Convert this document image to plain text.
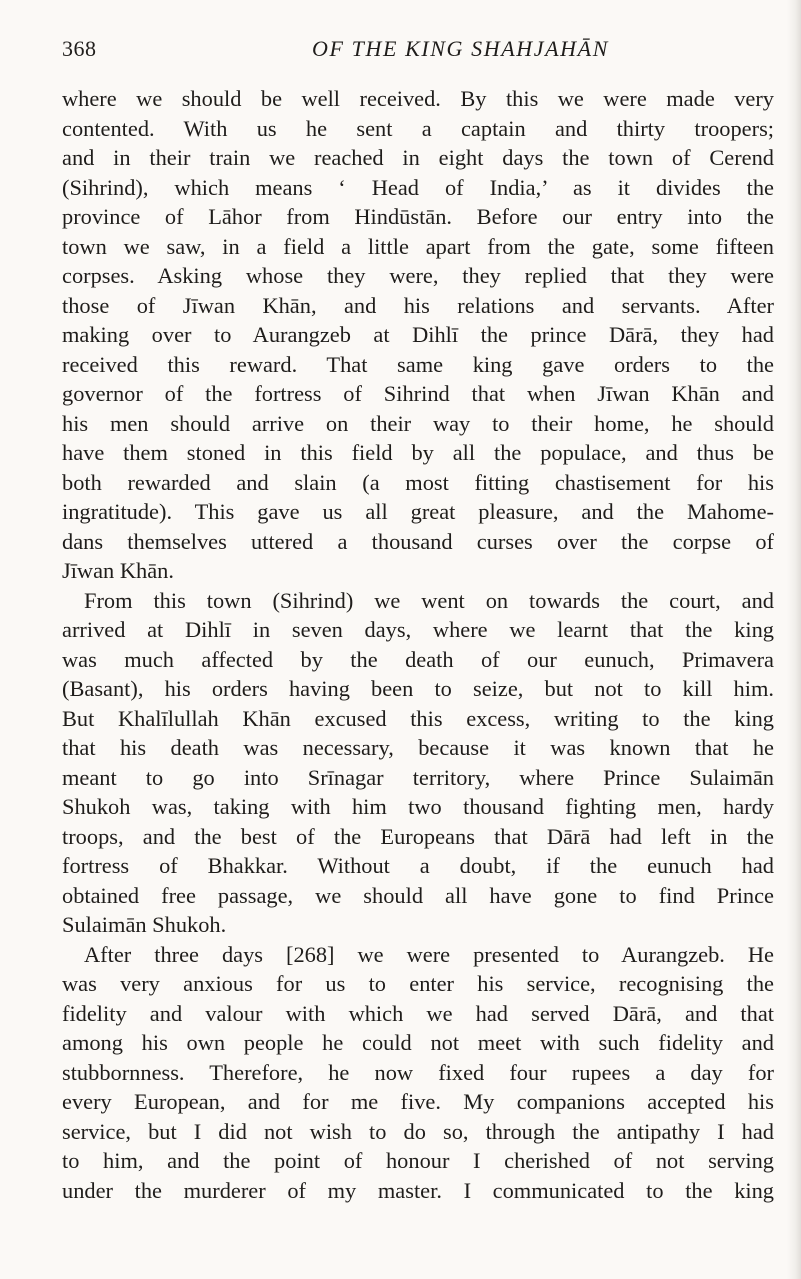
368	OF THE KING SHAHJAHĀN
where we should be well received. By this we were made very
contented. With us he sent a captain and thirty troopers;
and in their train we reached in eight days the town of Cerend
(Sihrind), which means ‘ Head of India,’ as it divides the
province of Lāhor from Hindūstān. Before our entry into the
town we saw, in a field a little apart from the gate, some fifteen
corpses. Asking whose they were, they replied that they were
those of Jīwan Khān, and his relations and servants. After
making over to Aurangzeb at Dihlī the prince Dārā, they had
received this reward. That same king gave orders to the
governor of the fortress of Sihrind that when Jīwan Khān and
his men should arrive on their way to their home, he should
have them stoned in this field by all the populace, and thus be
both rewarded and slain (a most fitting chastisement for his
ingratitude). This gave us all great pleasure, and the Mahome-
dans themselves uttered a thousand curses over the corpse of
Jīwan Khān.
From this town (Sihrind) we went on towards the court, and
arrived at Dihlī in seven days, where we learnt that the king
was much affected by the death of our eunuch, Primavera
(Basant), his orders having been to seize, but not to kill him.
But Khalīlullah Khān excused this excess, writing to the king
that his death was necessary, because it was known that he
meant to go into Srīnagar territory, where Prince Sulaimān
Shukoh was, taking with him two thousand fighting men, hardy
troops, and the best of the Europeans that Dārā had left in the
fortress of Bhakkar. Without a doubt, if the eunuch had
obtained free passage, we should all have gone to find Prince
Sulaimān Shukoh.
After three days [268] we were presented to Aurangzeb. He
was very anxious for us to enter his service, recognising the
fidelity and valour with which we had served Dārā, and that
among his own people he could not meet with such fidelity and
stubbornness. Therefore, he now fixed four rupees a day for
every European, and for me five. My companions accepted his
service, but I did not wish to do so, through the antipathy I had
to him, and the point of honour I cherished of not serving
under the murderer of my master. I communicated to the king
